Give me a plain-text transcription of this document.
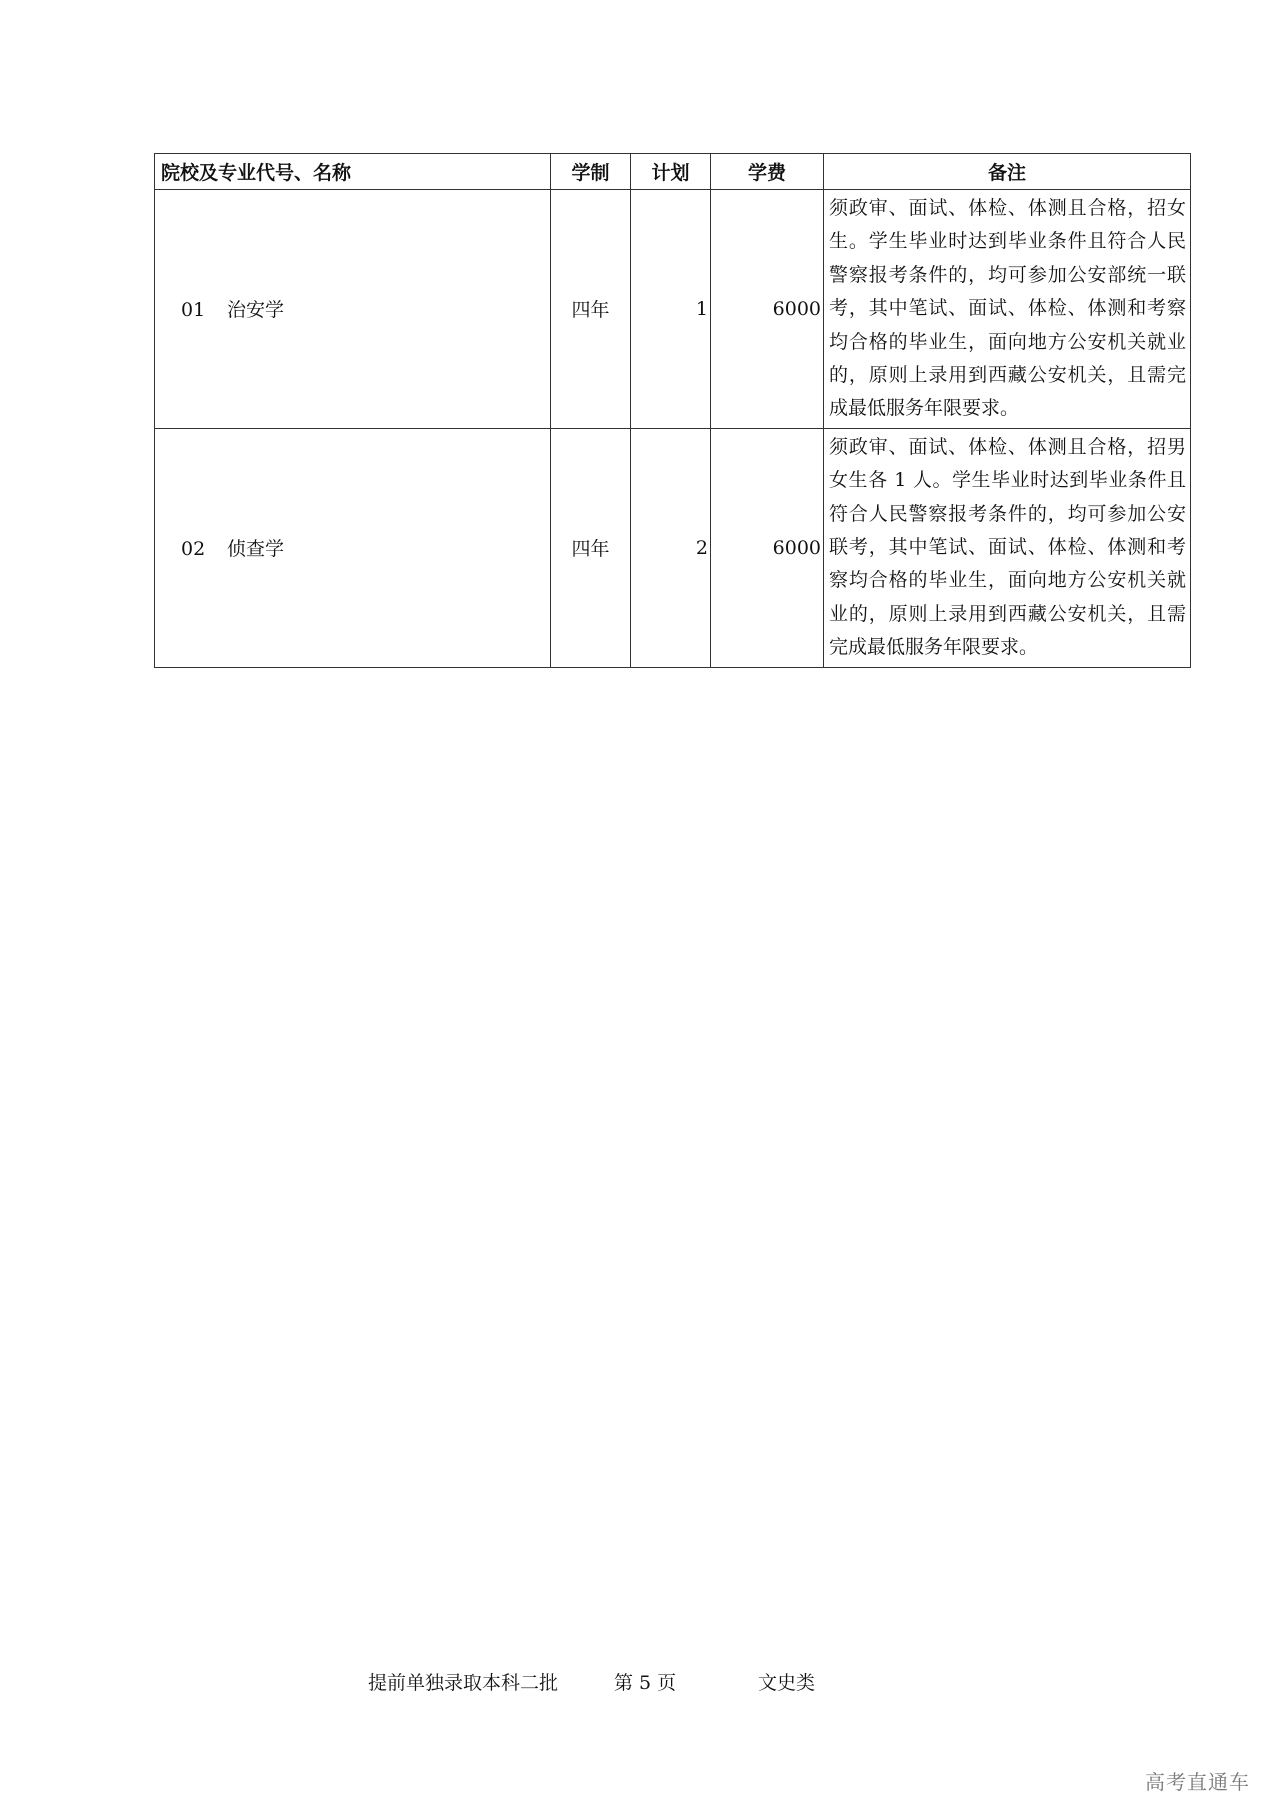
院校及专业代号、名称	学制	计划	学费	备注
01 治安学	四年	1	6000	须政审、面试、体检、体测且合格，招女生。学生毕业时达到毕业条件且符合人民警察报考条件的，均可参加公安部统一联考，其中笔试、面试、体检、体测和考察均合格的毕业生，面向地方公安机关就业的，原则上录用到西藏公安机关，且需完成最低服务年限要求。
02 侦查学	四年	2	6000	须政审、面试、体检、体测且合格，招男女生各 1 人。学生毕业时达到毕业条件且符合人民警察报考条件的，均可参加公安联考，其中笔试、面试、体检、体测和考察均合格的毕业生，面向地方公安机关就业的，原则上录用到西藏公安机关，且需完成最低服务年限要求。
提前单独录取本科二批	第 5 页	文史类
高考直通车
